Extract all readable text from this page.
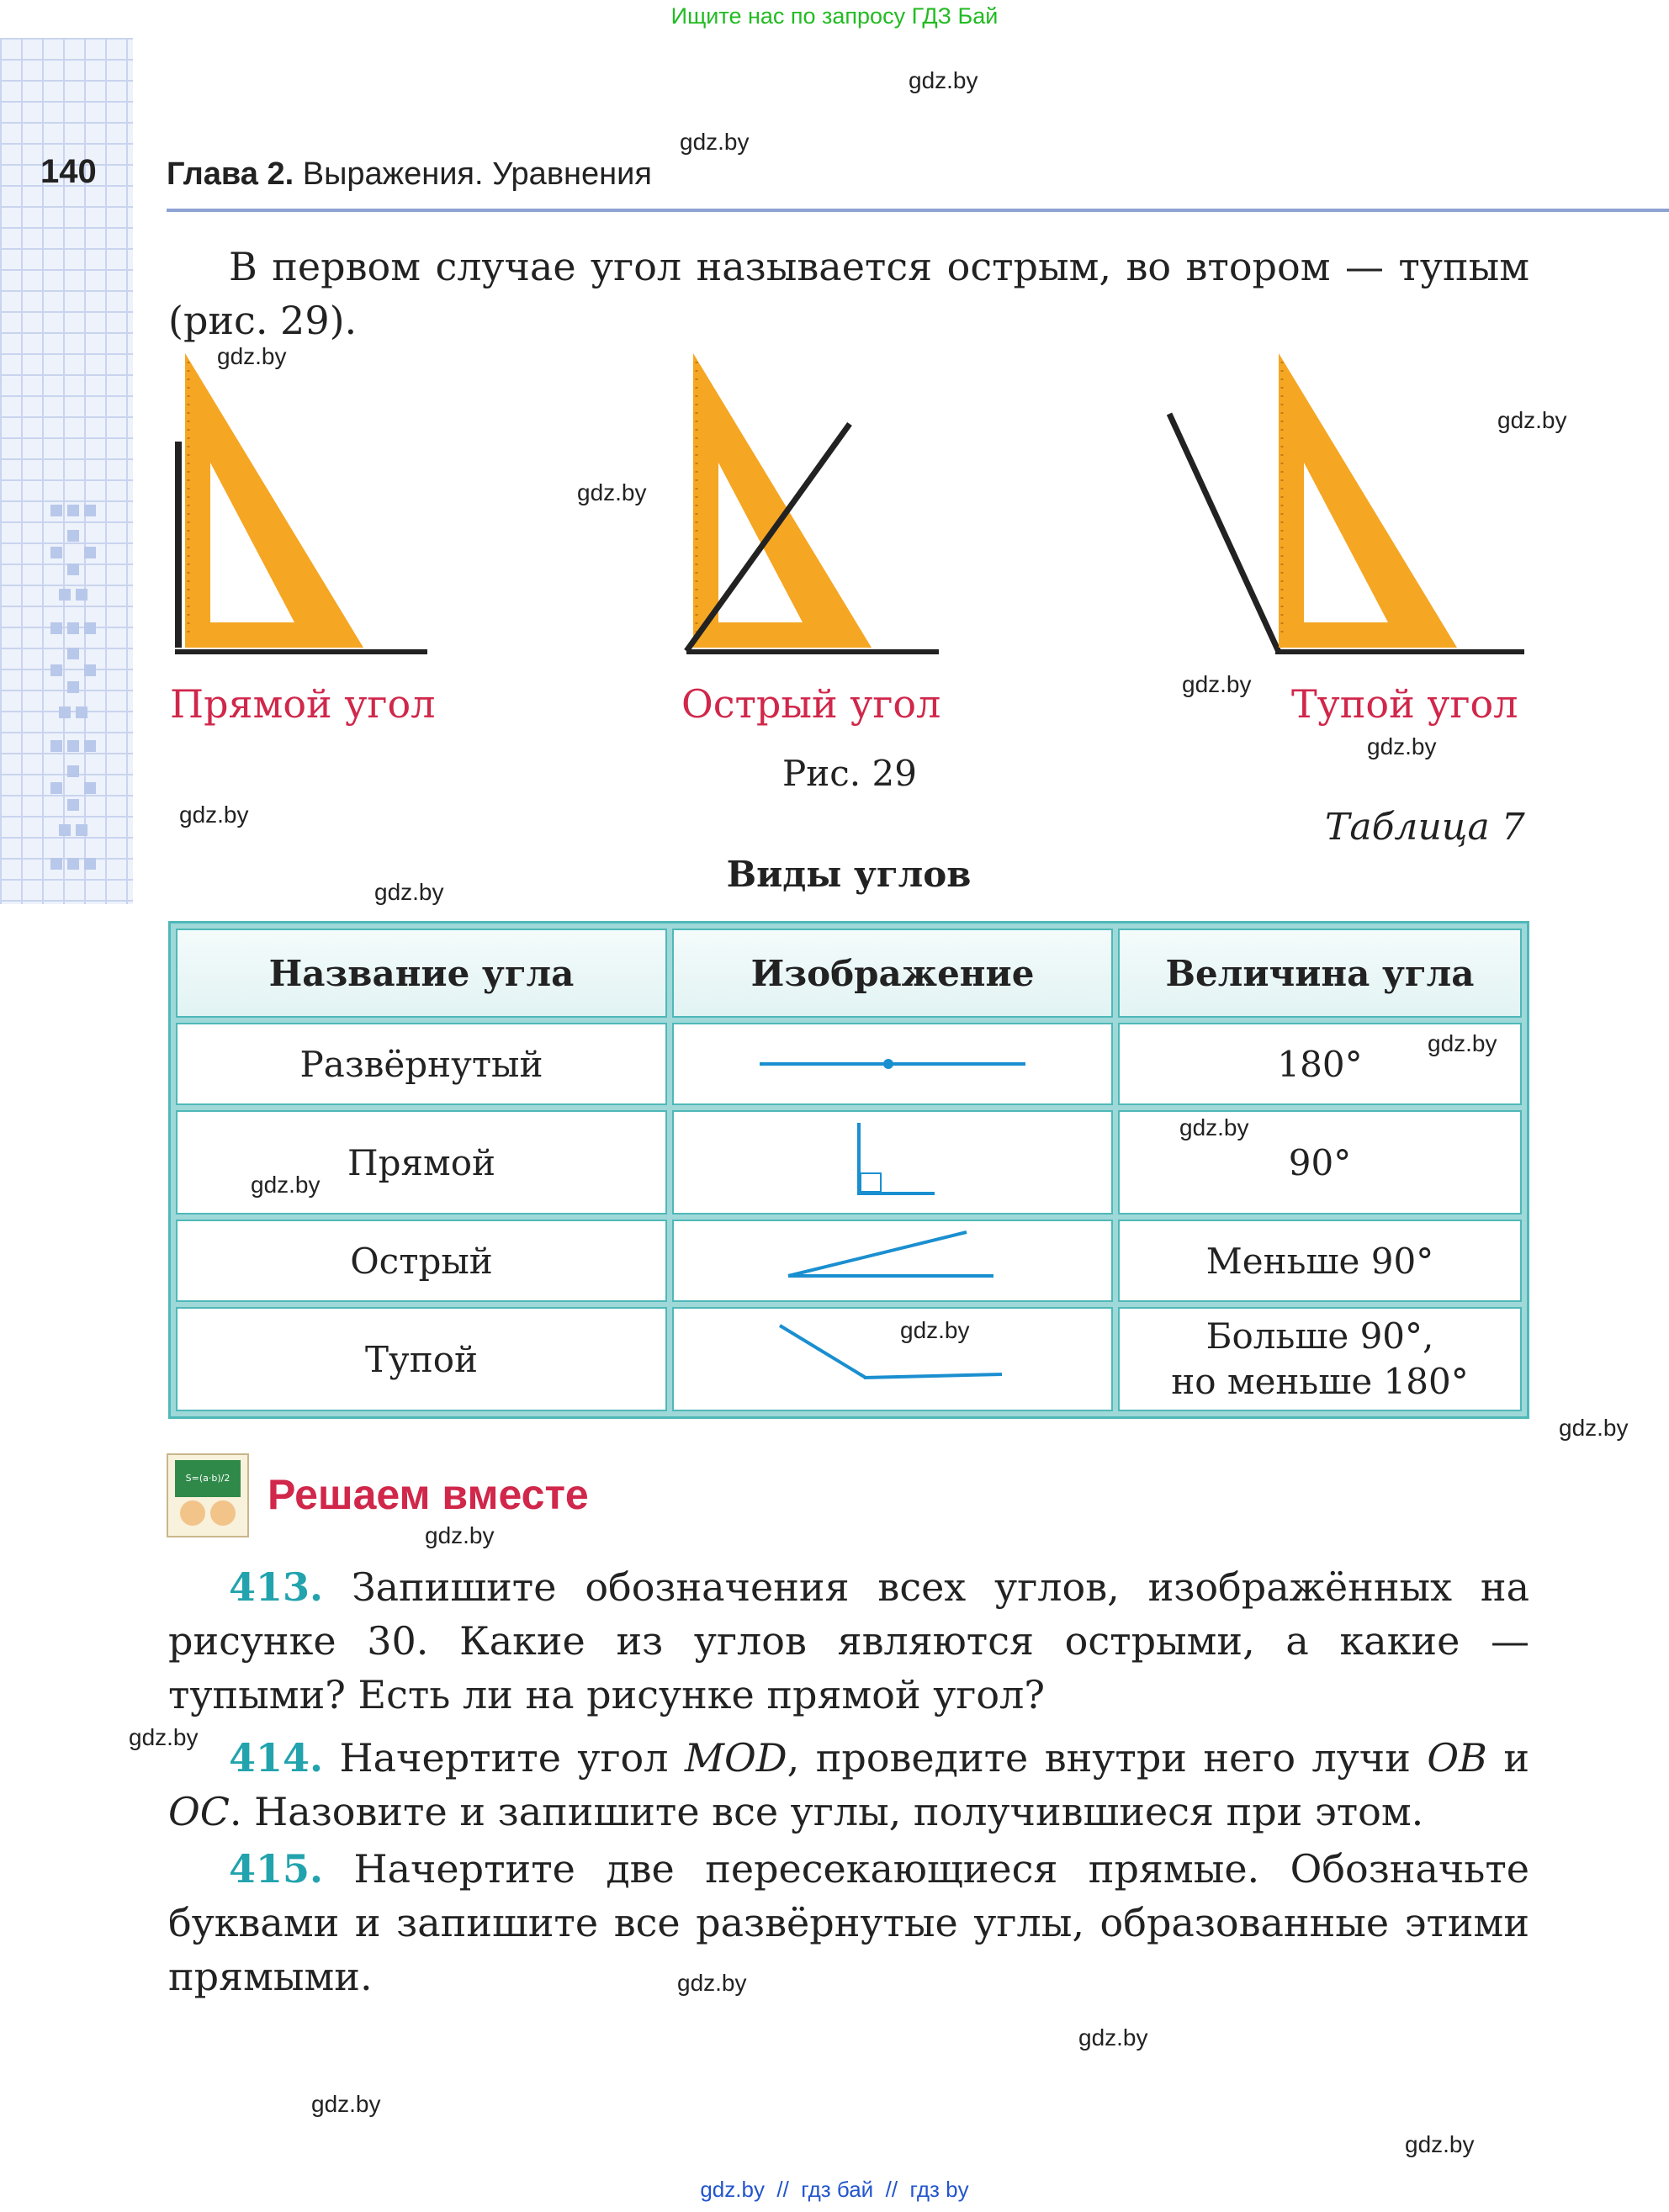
Ищите нас по запросу ГДЗ Бай
140 Глава 2. Выражения. Уравнения
В первом случае угол называется острым, во втором — тупым (рис. 29).
Прямой угол	Острый угол	Тупой угол
Рис. 29
Таблица 7
Виды углов
Название угла	Изображение	Величина угла
Развёрнутый		180°
Прямой		90°
Острый		Меньше 90°
Тупой		Больше 90°,
но меньше 180°
S=(a·b)/2 Решаем вместе
413. Запишите обозначения всех углов, изображённых на рисунке 30. Какие из углов являются острыми, а какие — тупыми? Есть ли на рисунке прямой угол?
414. Начертите угол MOD, проведите внутри него лучи OB и OC. Назовите и запишите все углы, получившиеся при этом.
415. Начертите две пересекающиеся прямые. Обозначьте буквами и запишите все развёрнутые углы, образованные этими прямыми.
gdz.by
gdz.by
gdz.by
gdz.by
gdz.by
gdz.by
gdz.by
gdz.by
gdz.by
gdz.by
gdz.by
gdz.by
gdz.by
gdz.by
gdz.by
gdz.by
gdz.by
gdz.by
gdz.by
gdz.by
gdz.by  //  гдз бай  //  гдз by
